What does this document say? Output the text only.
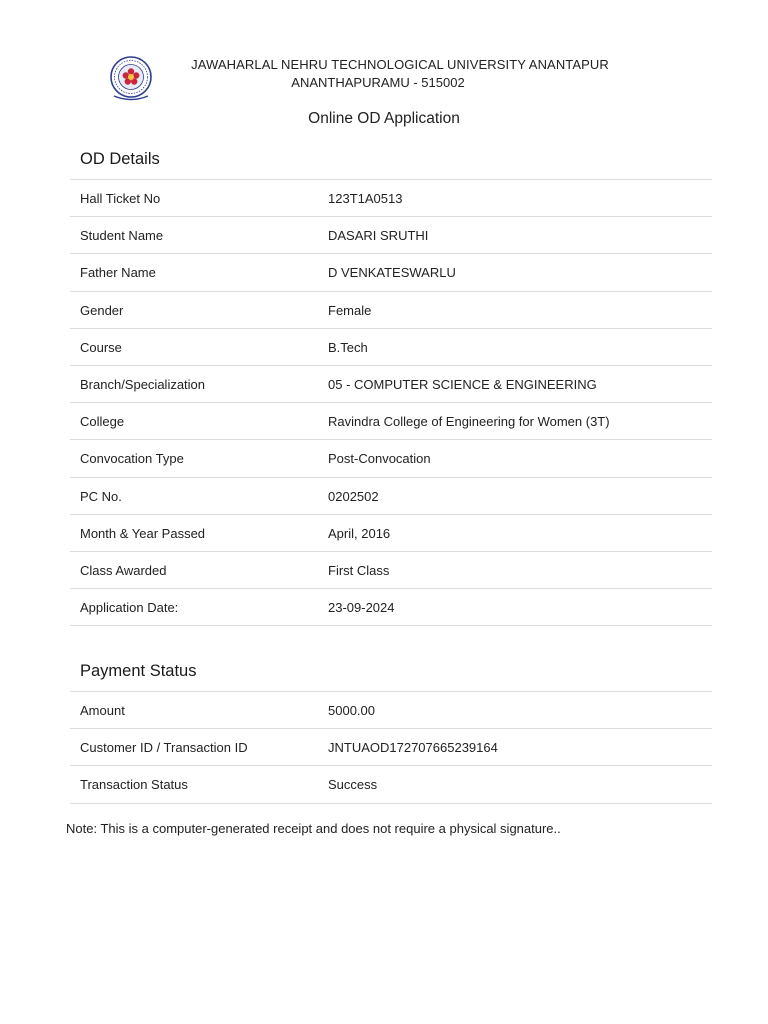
JAWAHARLAL NEHRU TECHNOLOGICAL UNIVERSITY ANANTAPUR
ANANTHAPURAMU - 515002
Online OD Application
OD Details
Hall Ticket No	123T1A0513
Student Name	DASARI SRUTHI
Father Name	D VENKATESWARLU
Gender	Female
Course	B.Tech
Branch/Specialization	05 - COMPUTER SCIENCE & ENGINEERING
College	Ravindra College of Engineering for Women (3T)
Convocation Type	Post-Convocation
PC No.	0202502
Month & Year Passed	April, 2016
Class Awarded	First Class
Application Date:	23-09-2024
Payment Status
Amount	5000.00
Customer ID / Transaction ID	JNTUAOD172707665239164
Transaction Status	Success
Note: This is a computer-generated receipt and does not require a physical signature..
